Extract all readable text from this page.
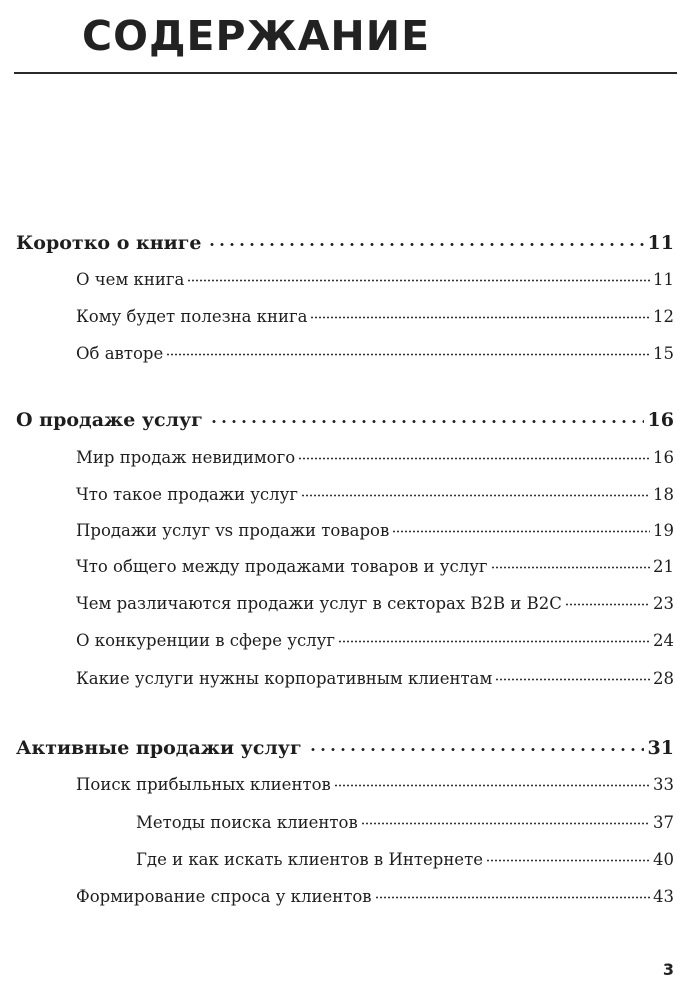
СОДЕРЖАНИЕ
Коротко о книге	11
О чем книга	11
Кому будет полезна книга	12
Об авторе	15
О продаже услуг	16
Мир продаж невидимого	16
Что такое продажи услуг	18
Продажи услуг vs продажи товаров	19
Что общего между продажами товаров и услуг	21
Чем различаются продажи услуг в секторах B2B и B2C	23
О конкуренции в сфере услуг	24
Какие услуги нужны корпоративным клиентам	28
Активные продажи услуг	31
Поиск прибыльных клиентов	33
Методы поиска клиентов	37
Где и как искать клиентов в Интернете	40
Формирование спроса у клиентов	43
3
